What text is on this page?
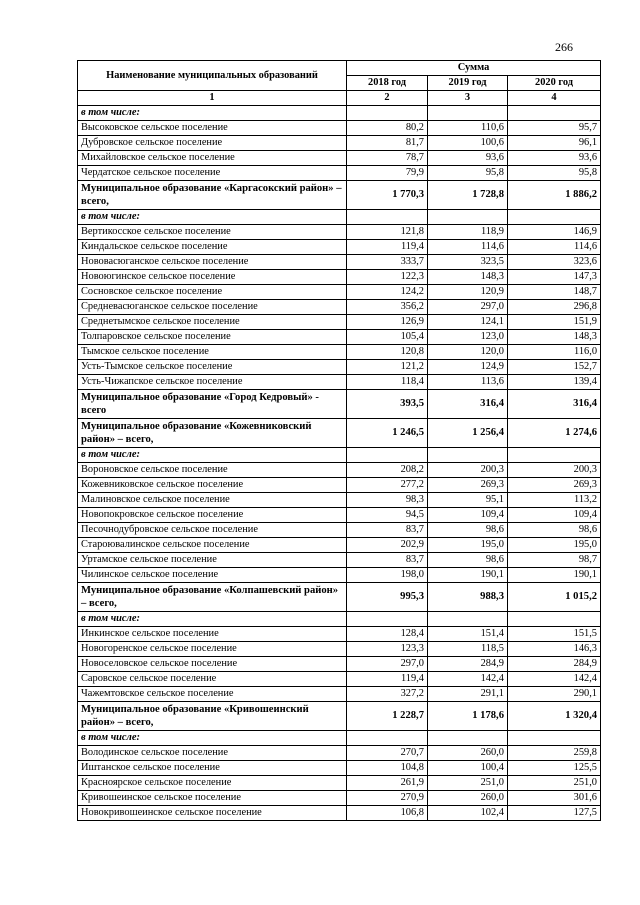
266
Наименование муниципальных образований	Сумма		
	2018 год	2019 год	2020 год
1	2	3	4
в том числе:			
Высоковское сельское поселение	80,2	110,6	95,7
Дубровское сельское поселение	81,7	100,6	96,1
Михайловское сельское поселение	78,7	93,6	93,6
Чердатское сельское поселение	79,9	95,8	95,8
Муниципальное образование «Каргасокский район» – всего,	1 770,3	1 728,8	1 886,2
в том числе:			
Вертикосское сельское поселение	121,8	118,9	146,9
Киндальское сельское поселение	119,4	114,6	114,6
Нововасюганское сельское поселение	333,7	323,5	323,6
Новоюгинское сельское поселение	122,3	148,3	147,3
Сосновское сельское поселение	124,2	120,9	148,7
Средневасюганское сельское поселение	356,2	297,0	296,8
Среднетымское сельское поселение	126,9	124,1	151,9
Толпаровское сельское поселение	105,4	123,0	148,3
Тымское сельское поселение	120,8	120,0	116,0
Усть-Тымское сельское поселение	121,2	124,9	152,7
Усть-Чижапское сельское поселение	118,4	113,6	139,4
Муниципальное образование «Город Кедровый» - всего	393,5	316,4	316,4
Муниципальное образование «Кожевниковский район» – всего,	1 246,5	1 256,4	1 274,6
в том числе:			
Вороновское сельское поселение	208,2	200,3	200,3
Кожевниковское сельское поселение	277,2	269,3	269,3
Малиновское сельское поселение	98,3	95,1	113,2
Новопокровское сельское поселение	94,5	109,4	109,4
Песочнодубровское сельское поселение	83,7	98,6	98,6
Староювалинское сельское поселение	202,9	195,0	195,0
Уртамское сельское поселение	83,7	98,6	98,7
Чилинское сельское поселение	198,0	190,1	190,1
Муниципальное образование «Колпашевский район» – всего,	995,3	988,3	1 015,2
в том числе:			
Инкинское сельское поселение	128,4	151,4	151,5
Новогоренское сельское поселение	123,3	118,5	146,3
Новоселовское сельское поселение	297,0	284,9	284,9
Саровское сельское поселение	119,4	142,4	142,4
Чажемтовское сельское поселение	327,2	291,1	290,1
Муниципальное образование «Кривошеинский район» – всего,	1 228,7	1 178,6	1 320,4
в том числе:			
Володинское сельское поселение	270,7	260,0	259,8
Иштанское сельское поселение	104,8	100,4	125,5
Красноярское сельское поселение	261,9	251,0	251,0
Кривошеинское сельское поселение	270,9	260,0	301,6
Новокривошеинское сельское поселение	106,8	102,4	127,5
